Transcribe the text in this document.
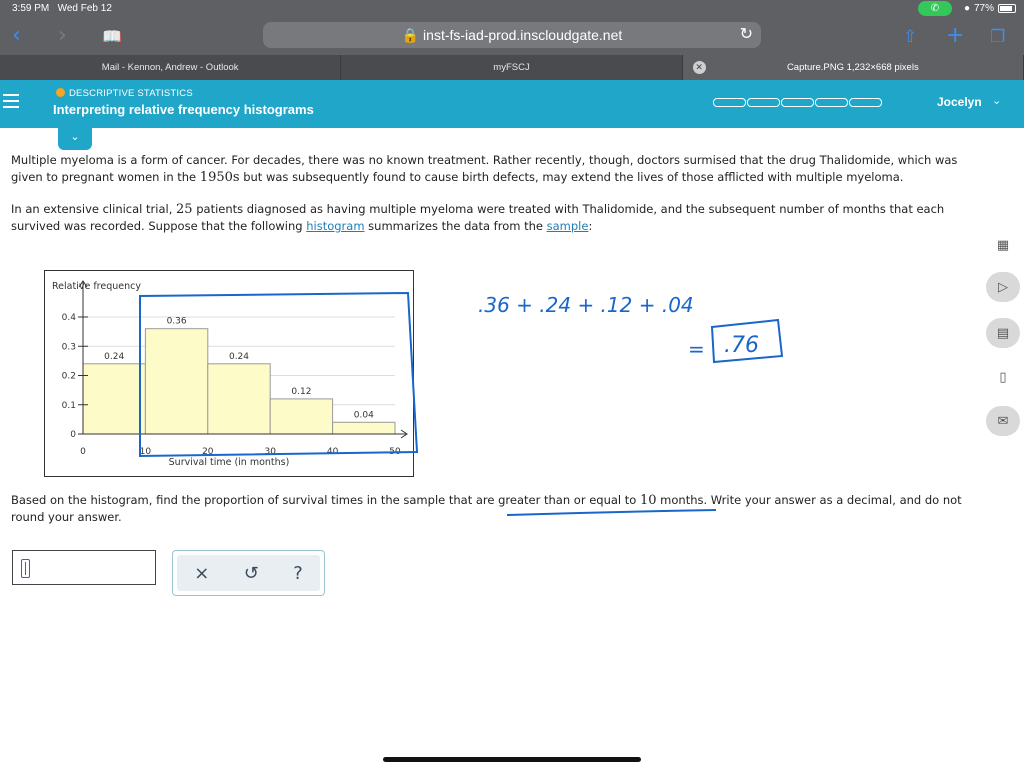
3:59 PM Wed Feb 12	✆	● 77%
‹ › 📖	🔒 inst-fs-iad-prod.inscloudgate.net	↻	⇧ + ❐
Mail - Kennon, Andrew - Outlook	myFSCJ	✕	Capture.PNG 1,232×668 pixels
DESCRIPTIVE STATISTICS
Interpreting relative frequency histograms	Jocelyn ⌄
⌄
Multiple myeloma is a form of cancer. For decades, there was no known treatment. Rather recently, though, doctors surmised that the drug Thalidomide, which was given to pregnant women in the 1950s but was subsequently found to cause birth defects, may extend the lives of those afflicted with multiple myeloma.
In an extensive clinical trial, 25 patients diagnosed as having multiple myeloma were treated with Thalidomide, and the subsequent number of months that each survived was recorded. Suppose that the following histogram summarizes the data from the sample:
0.24
0.36
0.24
0.12
0.04
0
0.1
0.2
0.3
0.4
0	10	20	30	40	50
Relative frequency
Survival time (in months)
Based on the histogram, find the proportion of survival times in the sample that are greater than or equal to 10 months. Write your answer as a decimal, and do not round your answer.
× ↺ ?
▦
▷
▤
▯
✉
.36 + .24 + .12 + .04
= .76
